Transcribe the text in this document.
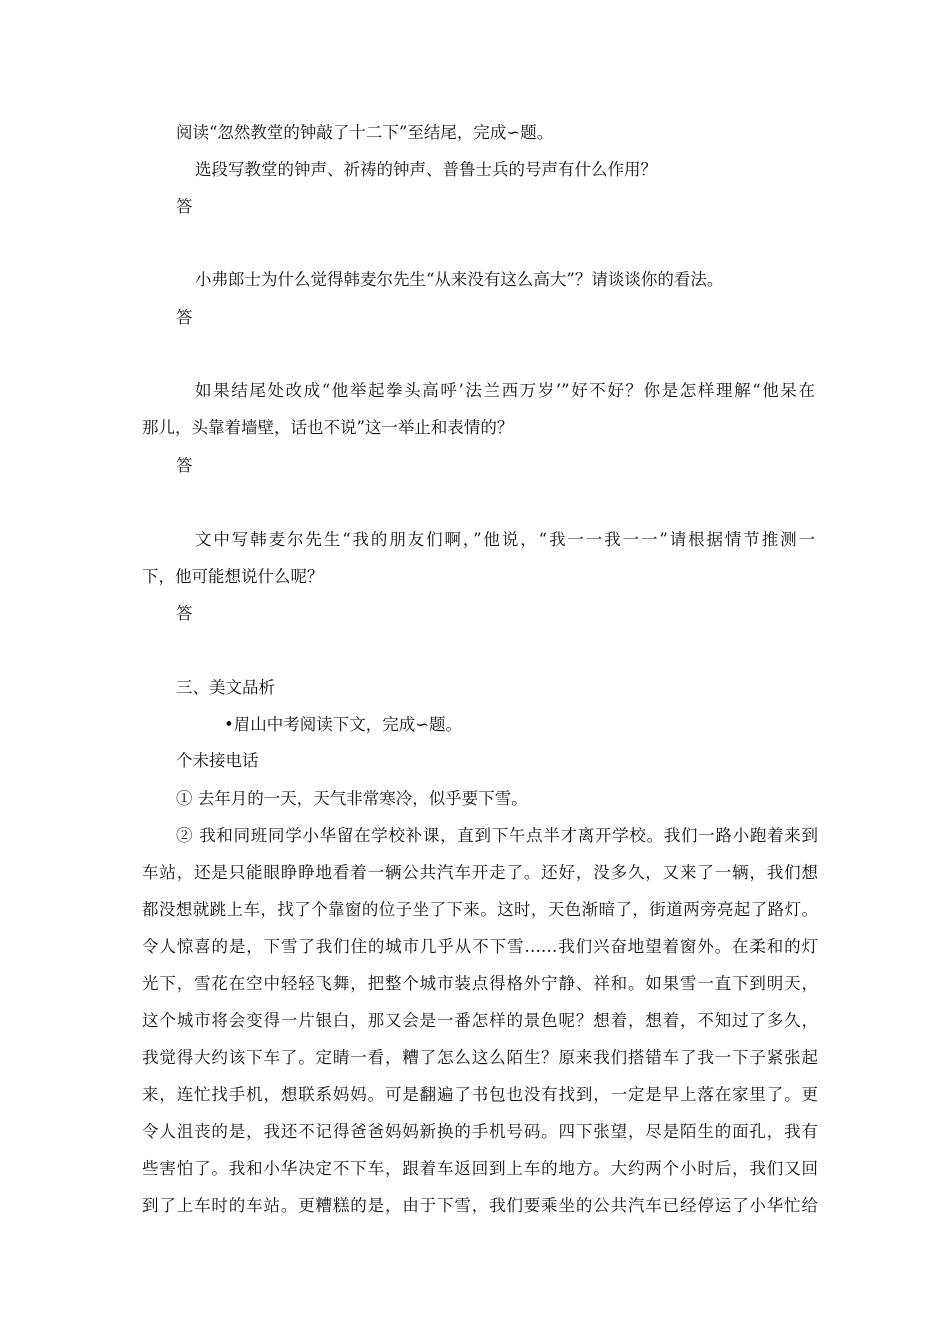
阅读“忽然教堂的钟敲了十二下”至结尾，完成∽题。
选段写教堂的钟声、祈祷的钟声、普鲁士兵的号声有什么作用？
答
小弗郎士为什么觉得韩麦尔先生“从来没有这么高大”？请谈谈你的看法。
答
如果结尾处改成“他举起拳头高呼’法兰西万岁’”好不好？你是怎样理解“他呆在
那儿，头靠着墙壁，话也不说”这一举止和表情的？
答
文中写韩麦尔先生“我的朋友们啊，”他说，“我一一我一一”请根据情节推测一
下，他可能想说什么呢？
答
三、美文品析
•眉山中考阅读下文，完成∽题。
个未接电话
① 去年月的一天，天气非常寒冷，似乎要下雪。
② 我和同班同学小华留在学校补课，直到下午点半才离开学校。我们一路小跑着来到
车站，还是只能眼睁睁地看着一辆公共汽车开走了。还好，没多久，又来了一辆，我们想
都没想就跳上车，找了个靠窗的位子坐了下来。这时，天色渐暗了，街道两旁亮起了路灯。
令人惊喜的是，下雪了我们住的城市几乎从不下雪……我们兴奋地望着窗外。在柔和的灯
光下，雪花在空中轻轻飞舞，把整个城市装点得格外宁静、祥和。如果雪一直下到明天，
这个城市将会变得一片银白，那又会是一番怎样的景色呢？想着，想着，不知过了多久，
我觉得大约该下车了。定睛一看，糟了怎么这么陌生？原来我们搭错车了我一下子紧张起
来，连忙找手机，想联系妈妈。可是翻遍了书包也没有找到，一定是早上落在家里了。更
令人沮丧的是，我还不记得爸爸妈妈新换的手机号码。四下张望，尽是陌生的面孔，我有
些害怕了。我和小华决定不下车，跟着车返回到上车的地方。大约两个小时后，我们又回
到了上车时的车站。更糟糕的是，由于下雪，我们要乘坐的公共汽车已经停运了小华忙给
